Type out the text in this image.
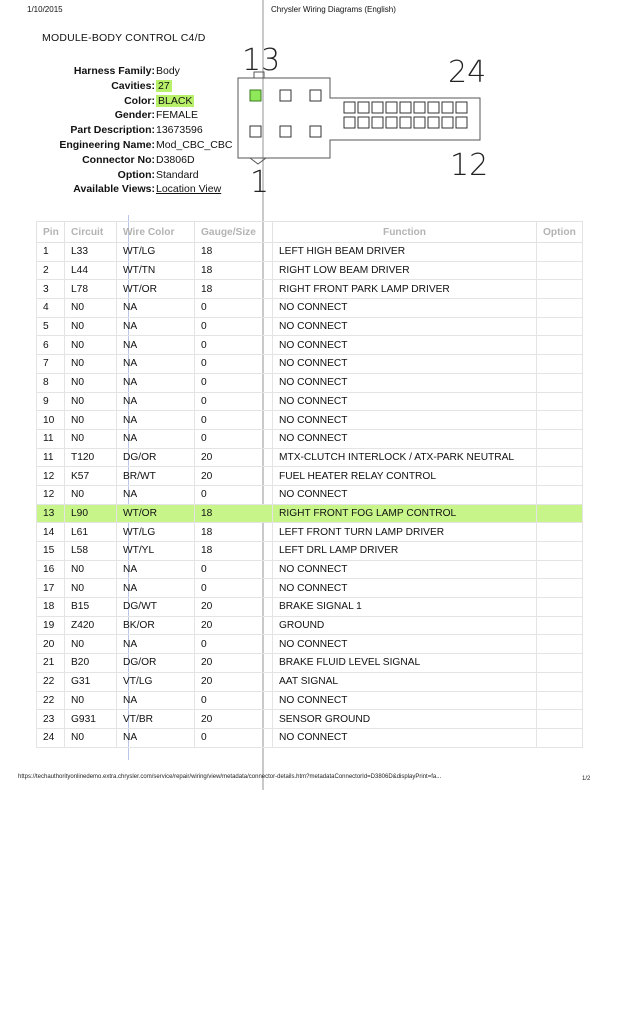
1/10/2015	Chrysler Wiring Diagrams (English)
MODULE-BODY CONTROL C4/D
Harness Family: Body
Cavities: 27
Color: BLACK
Gender: FEMALE
Part Description: 13673596
Engineering Name: Mod_CBC_CBC
Connector No: D3806D
Option: Standard
Available Views: Location View
13	24
1	12
Pin	Circuit	Wire Color	Gauge/Size	Function	Option
1	L33	WT/LG	18	LEFT HIGH BEAM DRIVER	
2	L44	WT/TN	18	RIGHT LOW BEAM DRIVER	
3	L78	WT/OR	18	RIGHT FRONT PARK LAMP DRIVER	
4	N0	NA	0	NO CONNECT	
5	N0	NA	0	NO CONNECT	
6	N0	NA	0	NO CONNECT	
7	N0	NA	0	NO CONNECT	
8	N0	NA	0	NO CONNECT	
9	N0	NA	0	NO CONNECT	
10	N0	NA	0	NO CONNECT	
11	N0	NA	0	NO CONNECT	
11	T120	DG/OR	20	MTX-CLUTCH INTERLOCK / ATX-PARK NEUTRAL	
12	K57	BR/WT	20	FUEL HEATER RELAY CONTROL	
12	N0	NA	0	NO CONNECT	
13	L90	WT/OR	18	RIGHT FRONT FOG LAMP CONTROL	
14	L61	WT/LG	18	LEFT FRONT TURN LAMP DRIVER	
15	L58	WT/YL	18	LEFT DRL LAMP DRIVER	
16	N0	NA	0	NO CONNECT	
17	N0	NA	0	NO CONNECT	
18	B15	DG/WT	20	BRAKE SIGNAL 1	
19	Z420	BK/OR	20	GROUND	
20	N0	NA	0	NO CONNECT	
21	B20	DG/OR	20	BRAKE FLUID LEVEL SIGNAL	
22	G31	VT/LG	20	AAT SIGNAL	
22	N0	NA	0	NO CONNECT	
23	G931	VT/BR	20	SENSOR GROUND	
24	N0	NA	0	NO CONNECT	
https://techauthorityonlinedemo.extra.chrysler.com/service/repair/wiring/view/metadata/connector-details.htm?metadataConnectorId=D3806D&displayPrint=fa...	1/2
